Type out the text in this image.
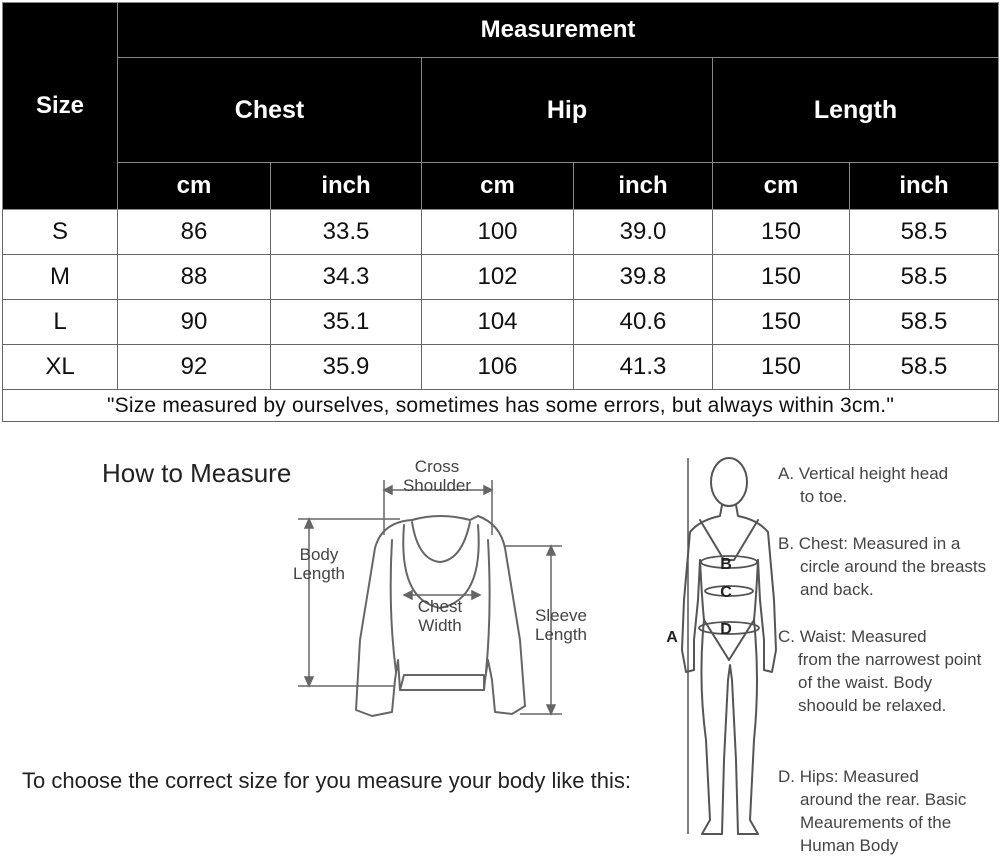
Size	Measurement					
	Chest		Hip		Length	
	cm	inch	cm	inch	cm	inch
S	86	33.5	100	39.0	150	58.5
M	88	34.3	102	39.8	150	58.5
L	90	35.1	104	40.6	150	58.5
XL	92	35.9	106	41.3	150	58.5
"Size measured by ourselves, sometimes has some errors, but always within 3cm."						
How to Measure
To choose the correct size for you measure your body like this:
Cross
Shoulder
Body
Length
Chest
Width
Sleeve
Length
B
C
D
A
A. Vertical height head
to toe.
B. Chest: Measured in a
circle around the breasts and back.
C. Waist: Measured
from the narrowest point of the waist. Body shoould be relaxed.
D. Hips: Measured
around the rear. Basic Meaurements of the Human Body
